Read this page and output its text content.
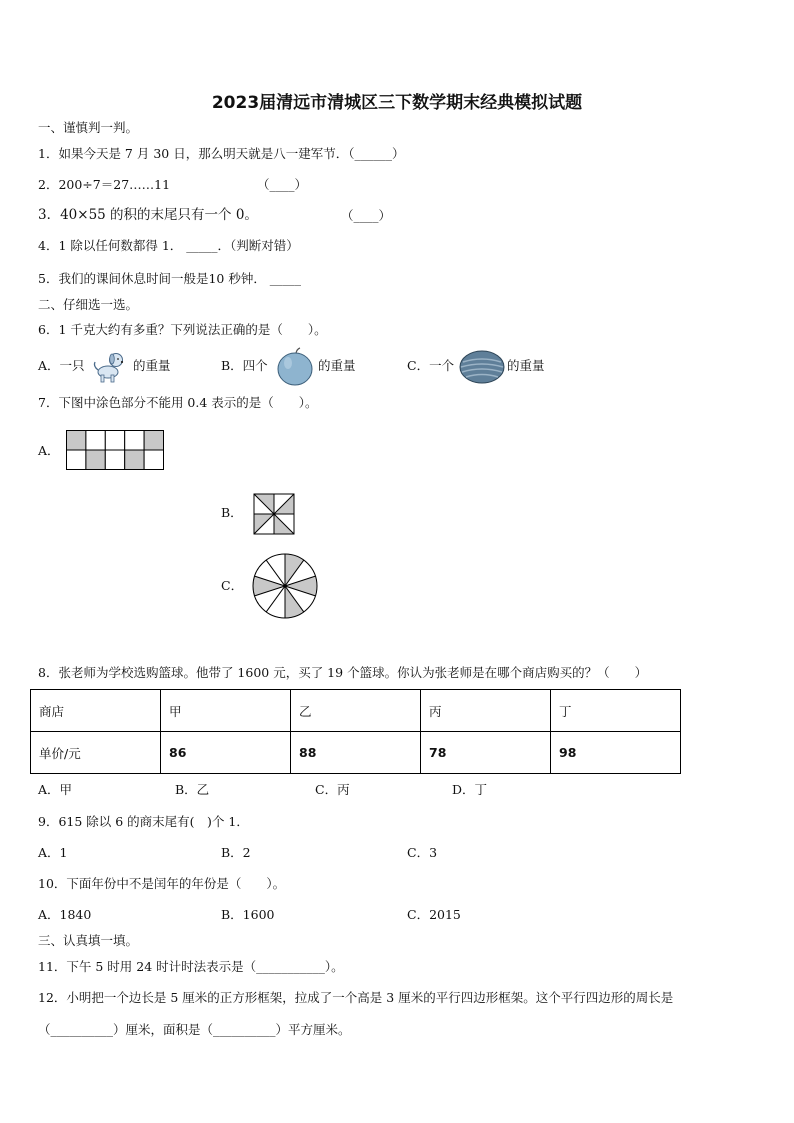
2023届清远市清城区三下数学期末经典模拟试题
一、谨慎判一判。
1．如果今天是 7 月 30 日，那么明天就是八一建军节．（______）
2．200÷7＝27……11	（____）
3．40×55 的积的末尾只有一个 0。	（____）
4．1 除以任何数都得 1． _____．（判断对错）
5．我们的课间休息时间一般是10 秒钟． _____
二、仔细选一选。
6．1 千克大约有多重？下列说法正确的是（　　）。
A．一只	的重量	B．四个	的重量	C．一个	的重量
7．下图中涂色部分不能用 0.4 表示的是（　　）。
A．
B．
C．
8．张老师为学校选购篮球。他带了 1600 元，买了 19 个篮球。你认为张老师是在哪个商店购买的？（　　）
商店	甲	乙	丙	丁
单价/元	86	88	78	98
A．甲	B．乙	C．丙	D．丁
9．615 除以 6 的商末尾有(　)个 1．
A．1	B．2	C．3
10．下面年份中不是闰年的年份是（　　）。
A．1840	B．1600	C．2015
三、认真填一填。
11．下午 5 时用 24 时计时法表示是（___________）。
12．小明把一个边长是 5 厘米的正方形框架，拉成了一个高是 3 厘米的平行四边形框架。这个平行四边形的周长是
（__________）厘米，面积是（__________）平方厘米。
